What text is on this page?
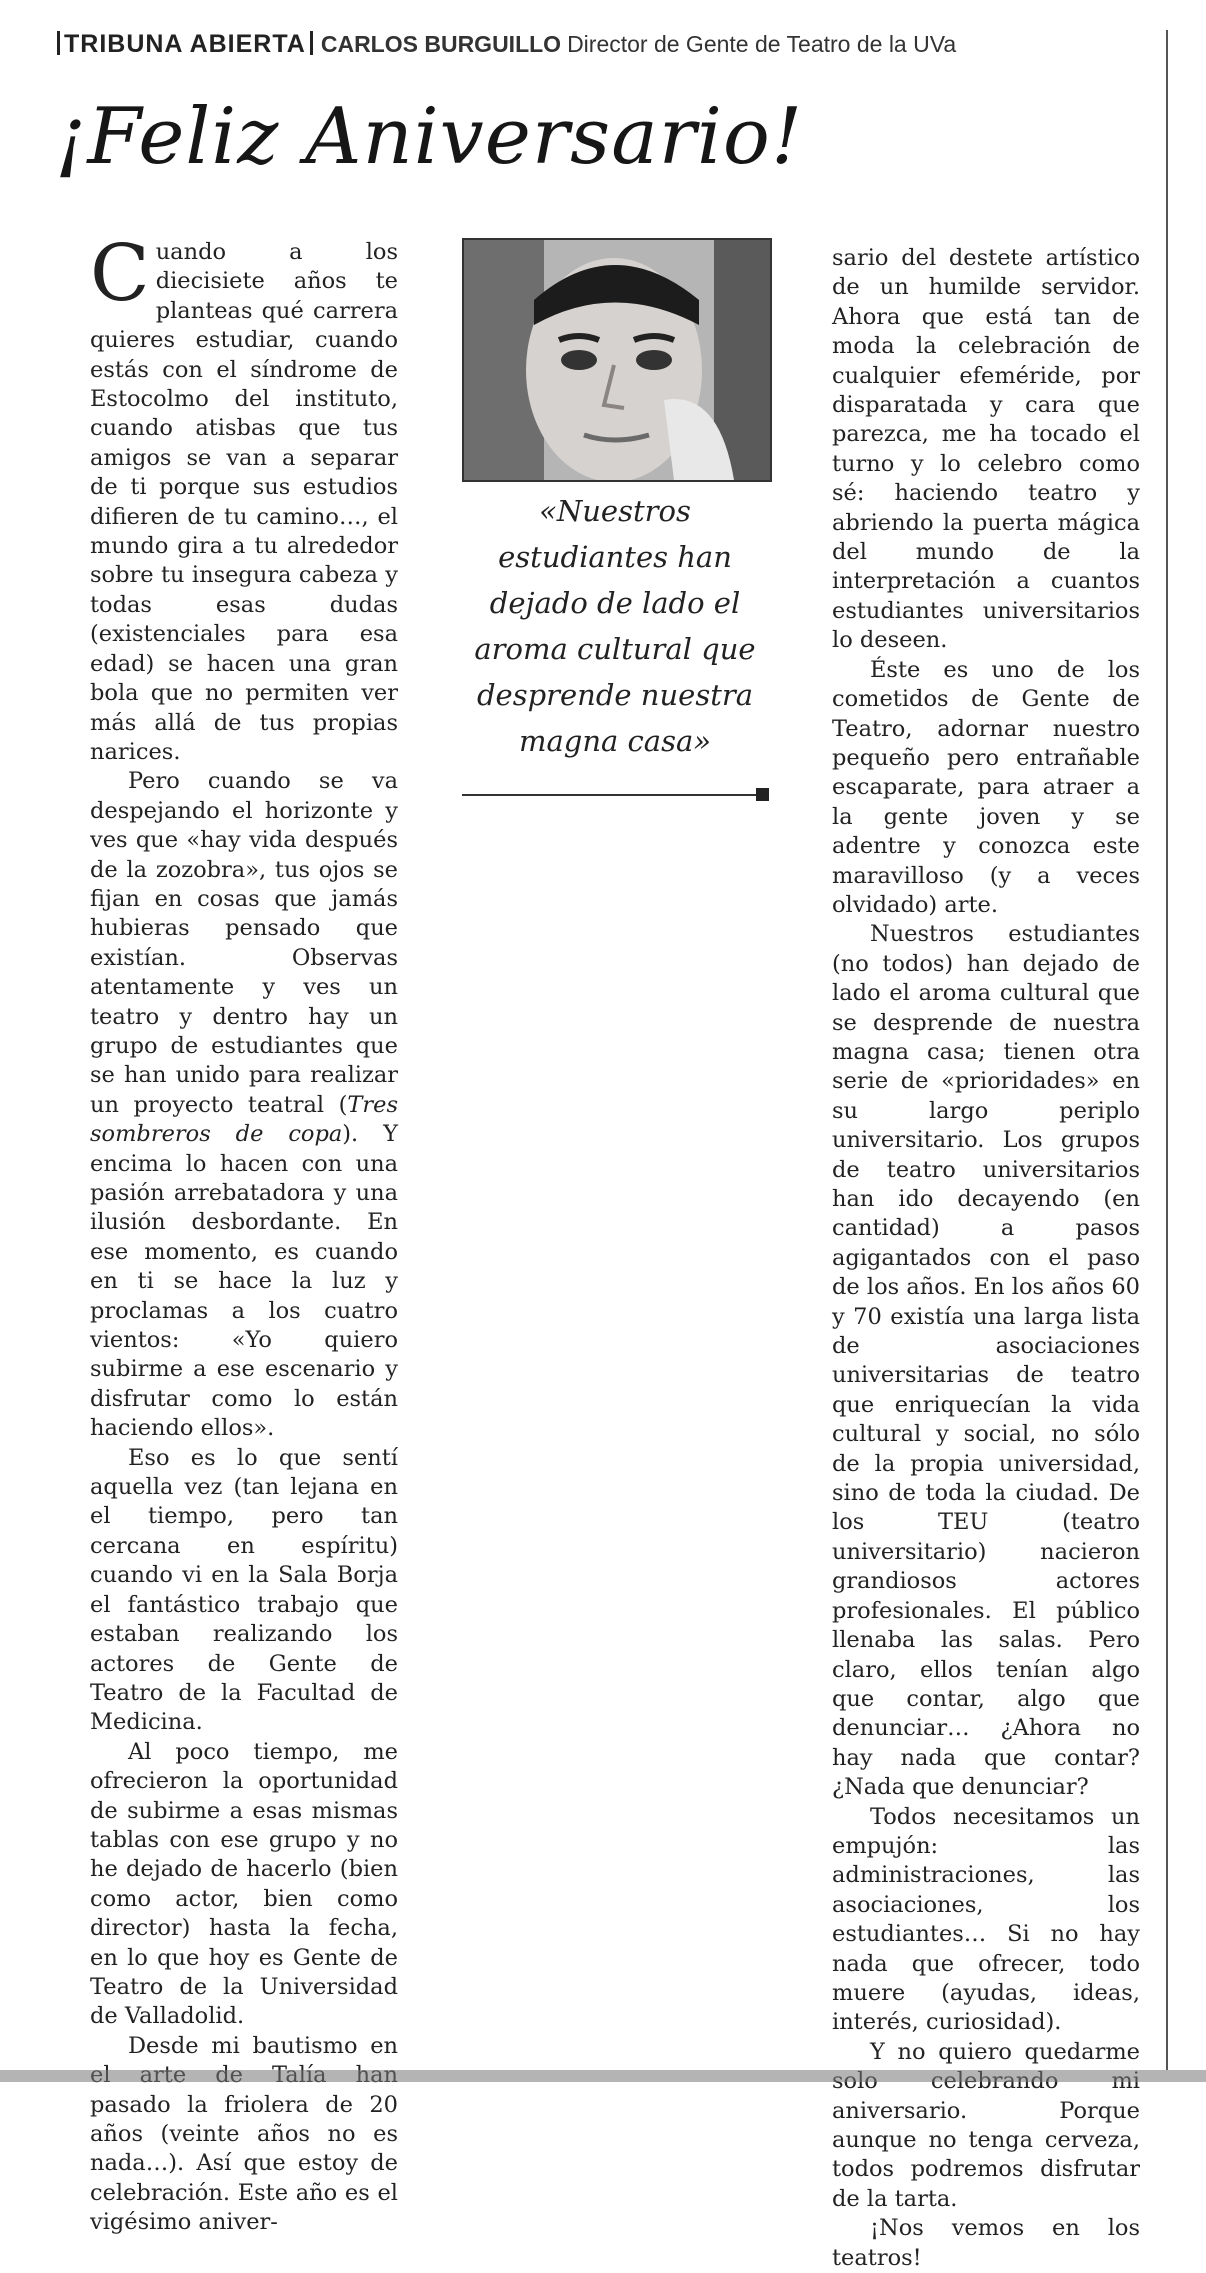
TRIBUNA ABIERTA CARLOS BURGUILLO Director de Gente de Teatro de la UVa
¡Feliz Aniversario!

Cuando a los diecisiete años te planteas qué carrera quieres estudiar, cuando estás con el síndrome de Estocolmo del instituto, cuando atisbas que tus amigos se van a separar de ti porque sus estudios difieren de tu camino…, el mundo gira a tu alrededor sobre tu insegura cabeza y todas esas dudas (existenciales para esa edad) se hacen una gran bola que no permiten ver más allá de tus propias narices.

Pero cuando se va despejando el horizonte y ves que «hay vida después de la zozobra», tus ojos se fijan en cosas que jamás hubieras pensado que existían. Observas atentamente y ves un teatro y dentro hay un grupo de estudiantes que se han unido para realizar un proyecto teatral (Tres sombreros de copa). Y encima lo hacen con una pasión arrebatadora y una ilusión desbordante. En ese momento, es cuando en ti se hace la luz y proclamas a los cuatro vientos: «Yo quiero subirme a ese escenario y disfrutar como lo están haciendo ellos».

Eso es lo que sentí aquella vez (tan lejana en el tiempo, pero tan cercana en espíritu) cuando vi en la Sala Borja el fantástico trabajo que estaban realizando los actores de Gente de Teatro de la Facultad de Medicina.

Al poco tiempo, me ofrecieron la oportunidad de subirme a esas mismas tablas con ese grupo y no he dejado de hacerlo (bien como actor, bien como director) hasta la fecha, en lo que hoy es Gente de Teatro de la Universidad de Valladolid.

Desde mi bautismo en pasado la friolera de 20 años (veinte años no es nada…). Así que estoy de celebración. Este año es el vigésimo aniver-

«Nuestros estudiantes han dejado de lado el aroma cultural que desprende nuestra magna casa»

sario del destete artístico de un humilde servidor. Ahora que está tan de moda la celebración de cualquier efeméride, por disparatada y cara que parezca, me ha tocado el turno y lo celebro como sé: haciendo teatro y abriendo la puerta mágica del mundo de la interpretación a cuantos estudiantes universitarios lo deseen.

Éste es uno de los cometidos de Gente de Teatro, adornar nuestro pequeño pero entrañable escaparate, para atraer a la gente joven y se adentre y conozca este maravilloso (y a veces olvidado) arte.

Nuestros estudiantes (no todos) han dejado de lado el aroma cultural que se desprende de nuestra magna casa; tienen otra serie de «prioridades» en su largo periplo universitario. Los grupos de teatro universitarios han ido decayendo (en cantidad) a pasos agigantados con el paso de los años. En los años 60 y 70 existía una larga lista de asociaciones universitarias de teatro que enriquecían la vida cultural y social, no sólo de la propia universidad, sino de toda la ciudad. De los TEU (teatro universitario) nacieron grandiosos actores profesionales. El público llenaba las salas. Pero claro, ellos tenían algo que contar, algo que denunciar… ¿Ahora no hay nada que contar? ¿Nada que denunciar?

Todos necesitamos un empujón: las administraciones, las asociaciones, los estudiantes… Si no hay nada que ofrecer, todo muere (ayudas, ideas, interés, curiosidad).

Y no quiero quedarme aniversario. Porque aunque no tenga cerveza, todos podremos disfrutar de la tarta.

¡Nos vemos en los teatros!
